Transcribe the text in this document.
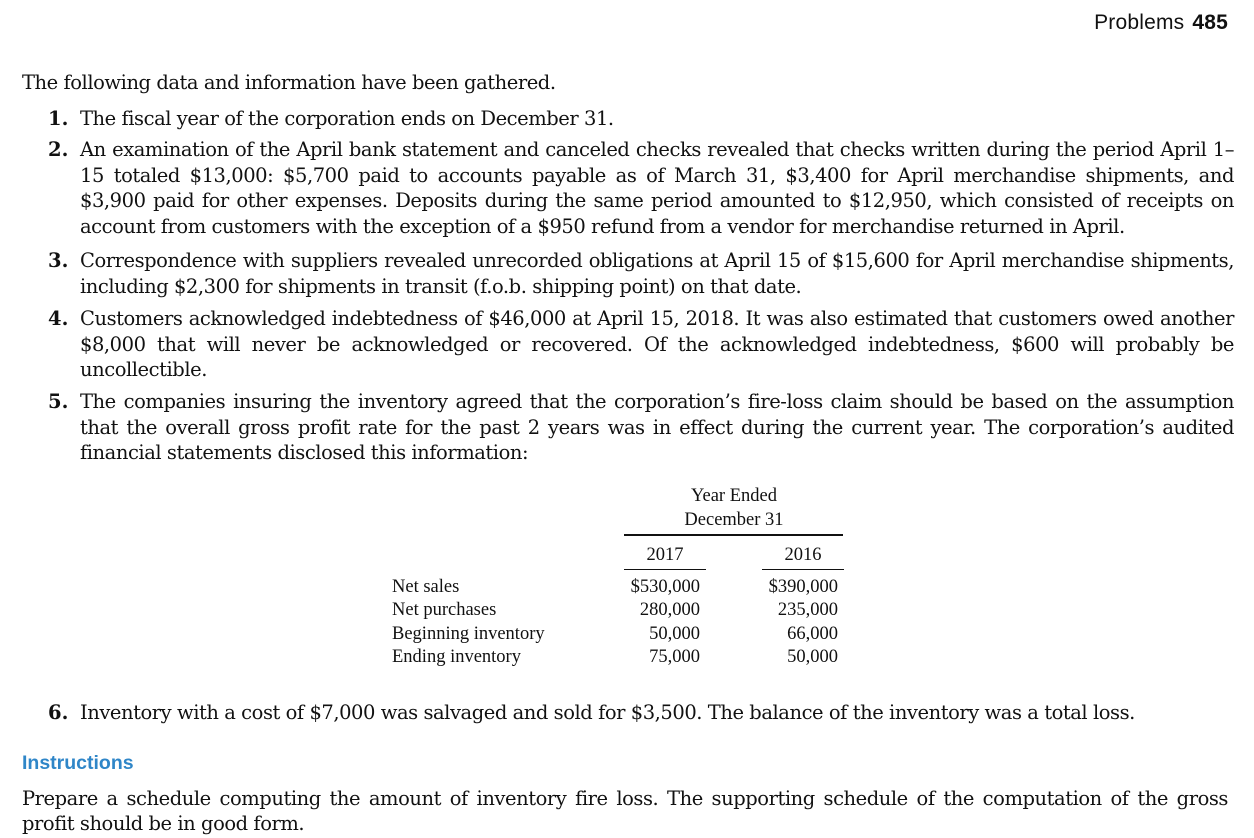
Problems 485
The following data and information have been gathered.
1. The fiscal year of the corporation ends on December 31.
2. An examination of the April bank statement and canceled checks revealed that checks written during the period April 1–15 totaled $13,000: $5,700 paid to accounts payable as of March 31, $3,400 for April merchandise shipments, and $3,900 paid for other expenses. Deposits during the same period amounted to $12,950, which consisted of receipts on account from customers with the exception of a $950 refund from a vendor for merchandise returned in April.
3. Correspondence with suppliers revealed unrecorded obligations at April 15 of $15,600 for April merchandise shipments, including $2,300 for shipments in transit (f.o.b. shipping point) on that date.
4. Customers acknowledged indebtedness of $46,000 at April 15, 2018. It was also estimated that customers owed another $8,000 that will never be acknowledged or recovered. Of the acknowledged indebtedness, $600 will probably be uncollectible.
5. The companies insuring the inventory agreed that the corporation’s fire-loss claim should be based on the assumption that the overall gross profit rate for the past 2 years was in effect during the current year. The corporation’s audited financial statements disclosed this information:
Year Ended
December 31
2017	2016
Net sales	$530,000	$390,000
Net purchases	280,000	235,000
Beginning inventory	50,000	66,000
Ending inventory	75,000	50,000
6. Inventory with a cost of $7,000 was salvaged and sold for $3,500. The balance of the inventory was a total loss.
Instructions
Prepare a schedule computing the amount of inventory fire loss. The supporting schedule of the computation of the gross profit should be in good form.
